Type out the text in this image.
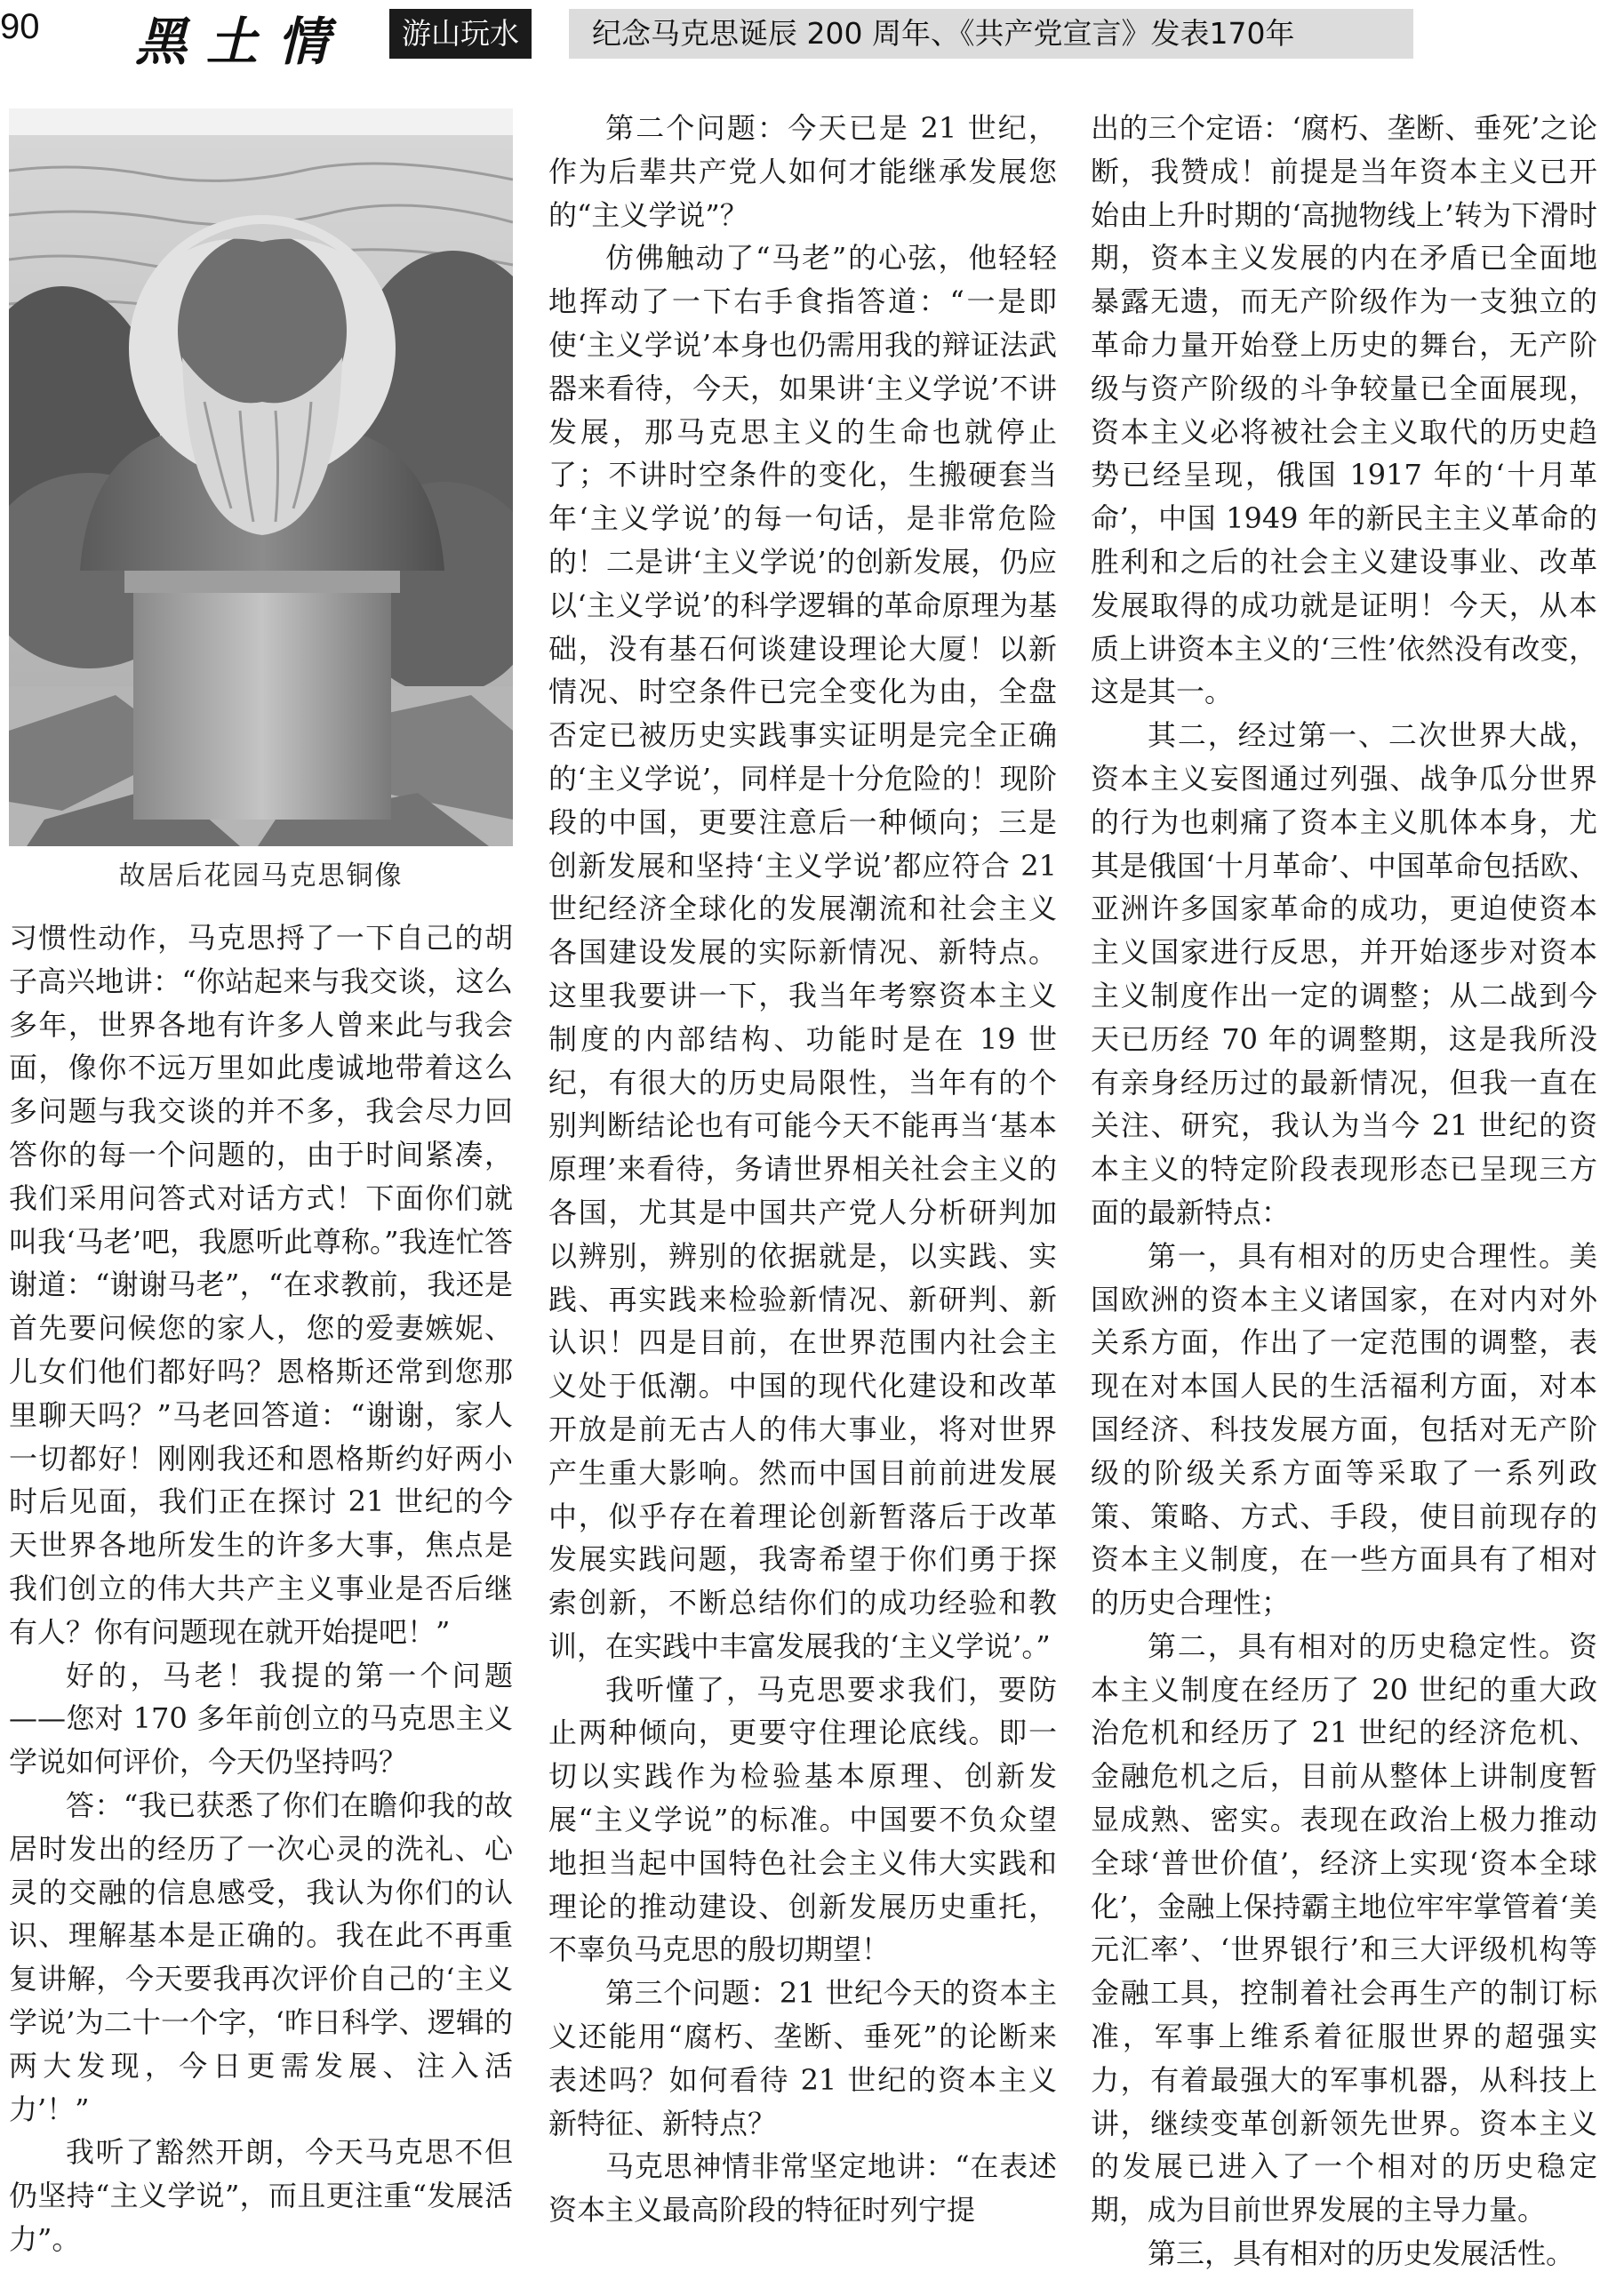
90 黑土情	游山玩水	纪念马克思诞辰 200 周年、《共产党宣言》发表170年
故居后花园马克思铜像

习惯性动作，马克思捋了一下自己的胡子高兴地讲：“你站起来与我交谈，这么多年，世界各地有许多人曾来此与我会面，像你不远万里如此虔诚地带着这么多问题与我交谈的并不多，我会尽力回答你的每一个问题的，由于时间紧凑，我们采用问答式对话方式！下面你们就叫我‘马老’吧，我愿听此尊称。”我连忙答谢道：“谢谢马老”，“在求教前，我还是首先要问候您的家人，您的爱妻嫉妮、儿女们他们都好吗？恩格斯还常到您那里聊天吗？”马老回答道：“谢谢，家人一切都好！刚刚我还和恩格斯约好两小时后见面，我们正在探讨 21 世纪的今天世界各地所发生的许多大事，焦点是我们创立的伟大共产主义事业是否后继有人？你有问题现在就开始提吧！”

好的，马老！我提的第一个问题——您对 170 多年前创立的马克思主义学说如何评价，今天仍坚持吗？

答：“我已获悉了你们在瞻仰我的故居时发出的经历了一次心灵的洗礼、心灵的交融的信息感受，我认为你们的认识、理解基本是正确的。我在此不再重复讲解，今天要我再次评价自己的‘主义学说’为二十一个字，‘昨日科学、逻辑的两大发现，今日更需发展、注入活力’！”

我听了豁然开朗，今天马克思不但仍坚持“主义学说”，而且更注重“发展活力”。

第二个问题：今天已是 21 世纪，作为后辈共产党人如何才能继承发展您的“主义学说”？

仿佛触动了“马老”的心弦，他轻轻地挥动了一下右手食指答道：“一是即使‘主义学说’本身也仍需用我的辩证法武器来看待，今天，如果讲‘主义学说’不讲发展，那马克思主义的生命也就停止了；不讲时空条件的变化，生搬硬套当年‘主义学说’的每一句话，是非常危险的！二是讲‘主义学说’的创新发展，仍应以‘主义学说’的科学逻辑的革命原理为基础，没有基石何谈建设理论大厦！以新情况、时空条件已完全变化为由，全盘否定已被历史实践事实证明是完全正确的‘主义学说’，同样是十分危险的！现阶段的中国，更要注意后一种倾向；三是创新发展和坚持‘主义学说’都应符合 21 世纪经济全球化的发展潮流和社会主义各国建设发展的实际新情况、新特点。这里我要讲一下，我当年考察资本主义制度的内部结构、功能时是在 19 世纪，有很大的历史局限性，当年有的个别判断结论也有可能今天不能再当‘基本原理’来看待，务请世界相关社会主义的各国，尤其是中国共产党人分析研判加以辨别，辨别的依据就是，以实践、实践、再实践来检验新情况、新研判、新认识！四是目前，在世界范围内社会主义处于低潮。中国的现代化建设和改革开放是前无古人的伟大事业，将对世界产生重大影响。然而中国目前前进发展中，似乎存在着理论创新暂落后于改革发展实践问题，我寄希望于你们勇于探索创新，不断总结你们的成功经验和教训，在实践中丰富发展我的‘主义学说’。”

我听懂了，马克思要求我们，要防止两种倾向，更要守住理论底线。即一切以实践作为检验基本原理、创新发展“主义学说”的标准。中国要不负众望地担当起中国特色社会主义伟大实践和理论的推动建设、创新发展历史重托，不辜负马克思的殷切期望！

第三个问题：21 世纪今天的资本主义还能用“腐朽、垄断、垂死”的论断来表述吗？如何看待 21 世纪的资本主义新特征、新特点？

马克思神情非常坚定地讲：“在表述资本主义最高阶段的特征时列宁提

出的三个定语：‘腐朽、垄断、垂死’之论断，我赞成！前提是当年资本主义已开始由上升时期的‘高抛物线上’转为下滑时期，资本主义发展的内在矛盾已全面地暴露无遗，而无产阶级作为一支独立的革命力量开始登上历史的舞台，无产阶级与资产阶级的斗争较量已全面展现，资本主义必将被社会主义取代的历史趋势已经呈现，俄国 1917 年的‘十月革命’，中国 1949 年的新民主主义革命的胜利和之后的社会主义建设事业、改革发展取得的成功就是证明！今天，从本质上讲资本主义的‘三性’依然没有改变，这是其一。

其二，经过第一、二次世界大战，资本主义妄图通过列强、战争瓜分世界的行为也刺痛了资本主义肌体本身，尤其是俄国‘十月革命’、中国革命包括欧、亚洲许多国家革命的成功，更迫使资本主义国家进行反思，并开始逐步对资本主义制度作出一定的调整；从二战到今天已历经 70 年的调整期，这是我所没有亲身经历过的最新情况，但我一直在关注、研究，我认为当今 21 世纪的资本主义的特定阶段表现形态已呈现三方面的最新特点：

第一，具有相对的历史合理性。美国欧洲的资本主义诸国家，在对内对外关系方面，作出了一定范围的调整，表现在对本国人民的生活福利方面，对本国经济、科技发展方面，包括对无产阶级的阶级关系方面等采取了一系列政策、策略、方式、手段，使目前现存的资本主义制度，在一些方面具有了相对的历史合理性；

第二，具有相对的历史稳定性。资本主义制度在经历了 20 世纪的重大政治危机和经历了 21 世纪的经济危机、金融危机之后，目前从整体上讲制度暂显成熟、密实。表现在政治上极力推动全球‘普世价值’，经济上实现‘资本全球化’，金融上保持霸主地位牢牢掌管着‘美元汇率’、‘世界银行’和三大评级机构等金融工具，控制着社会再生产的制订标准，军事上维系着征服世界的超强实力，有着最强大的军事机器，从科技上讲，继续变革创新领先世界。资本主义的发展已进入了一个相对的历史稳定期，成为目前世界发展的主导力量。

第三，具有相对的历史发展活性。
